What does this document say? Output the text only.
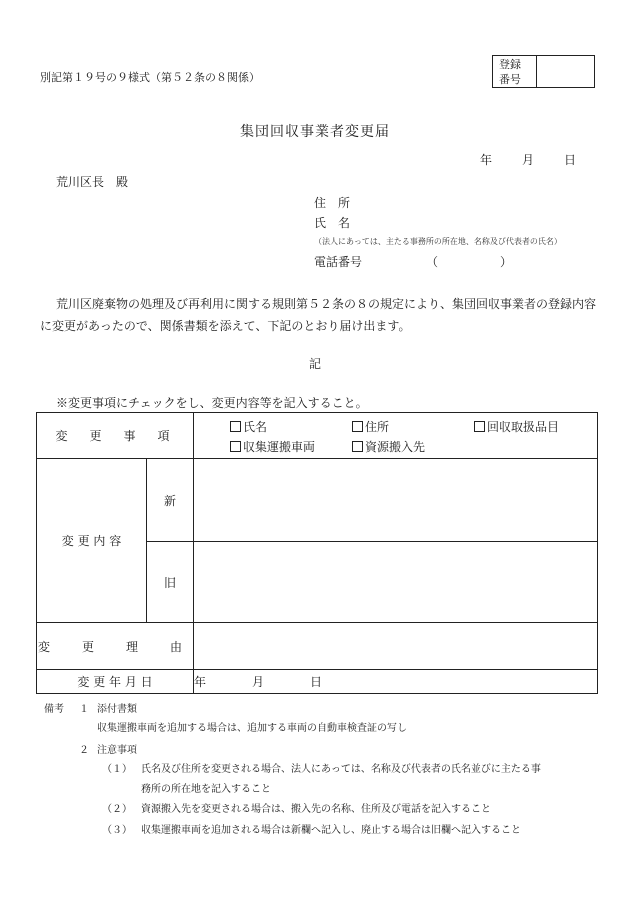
別記第１９号の９様式（第５２条の８関係）
登録
番号
集団回収事業者変更届
年 月 日
荒川区長　殿
住　所
氏　名
（法人にあっては、主たる事務所の所在地、名称及び代表者の氏名）
電話番号	（	）
荒川区廃棄物の処理及び再利用に関する規則第５２条の８の規定により、集団回収事業者の登録内容に変更があったので、関係書類を添えて、下記のとおり届け出ます。
記
※変更事項にチェックをし、変更内容等を記入すること。
変　更　事　項		氏名 住所 回収取扱品目
収集運搬車両 資源搬入先

変 更 内 容	新	
	旧	
変　更　理　由		
変 更 年 月 日		年 月 日
備考 １ 添付書類
収集運搬車両を追加する場合は、追加する車両の自動車検査証の写し
２ 注意事項
（１） 氏名及び住所を変更される場合、法人にあっては、名称及び代表者の氏名並びに主たる事
務所の所在地を記入すること
（２） 資源搬入先を変更される場合は、搬入先の名称、住所及び電話を記入すること
（３） 収集運搬車両を追加される場合は新欄へ記入し、廃止する場合は旧欄へ記入すること
